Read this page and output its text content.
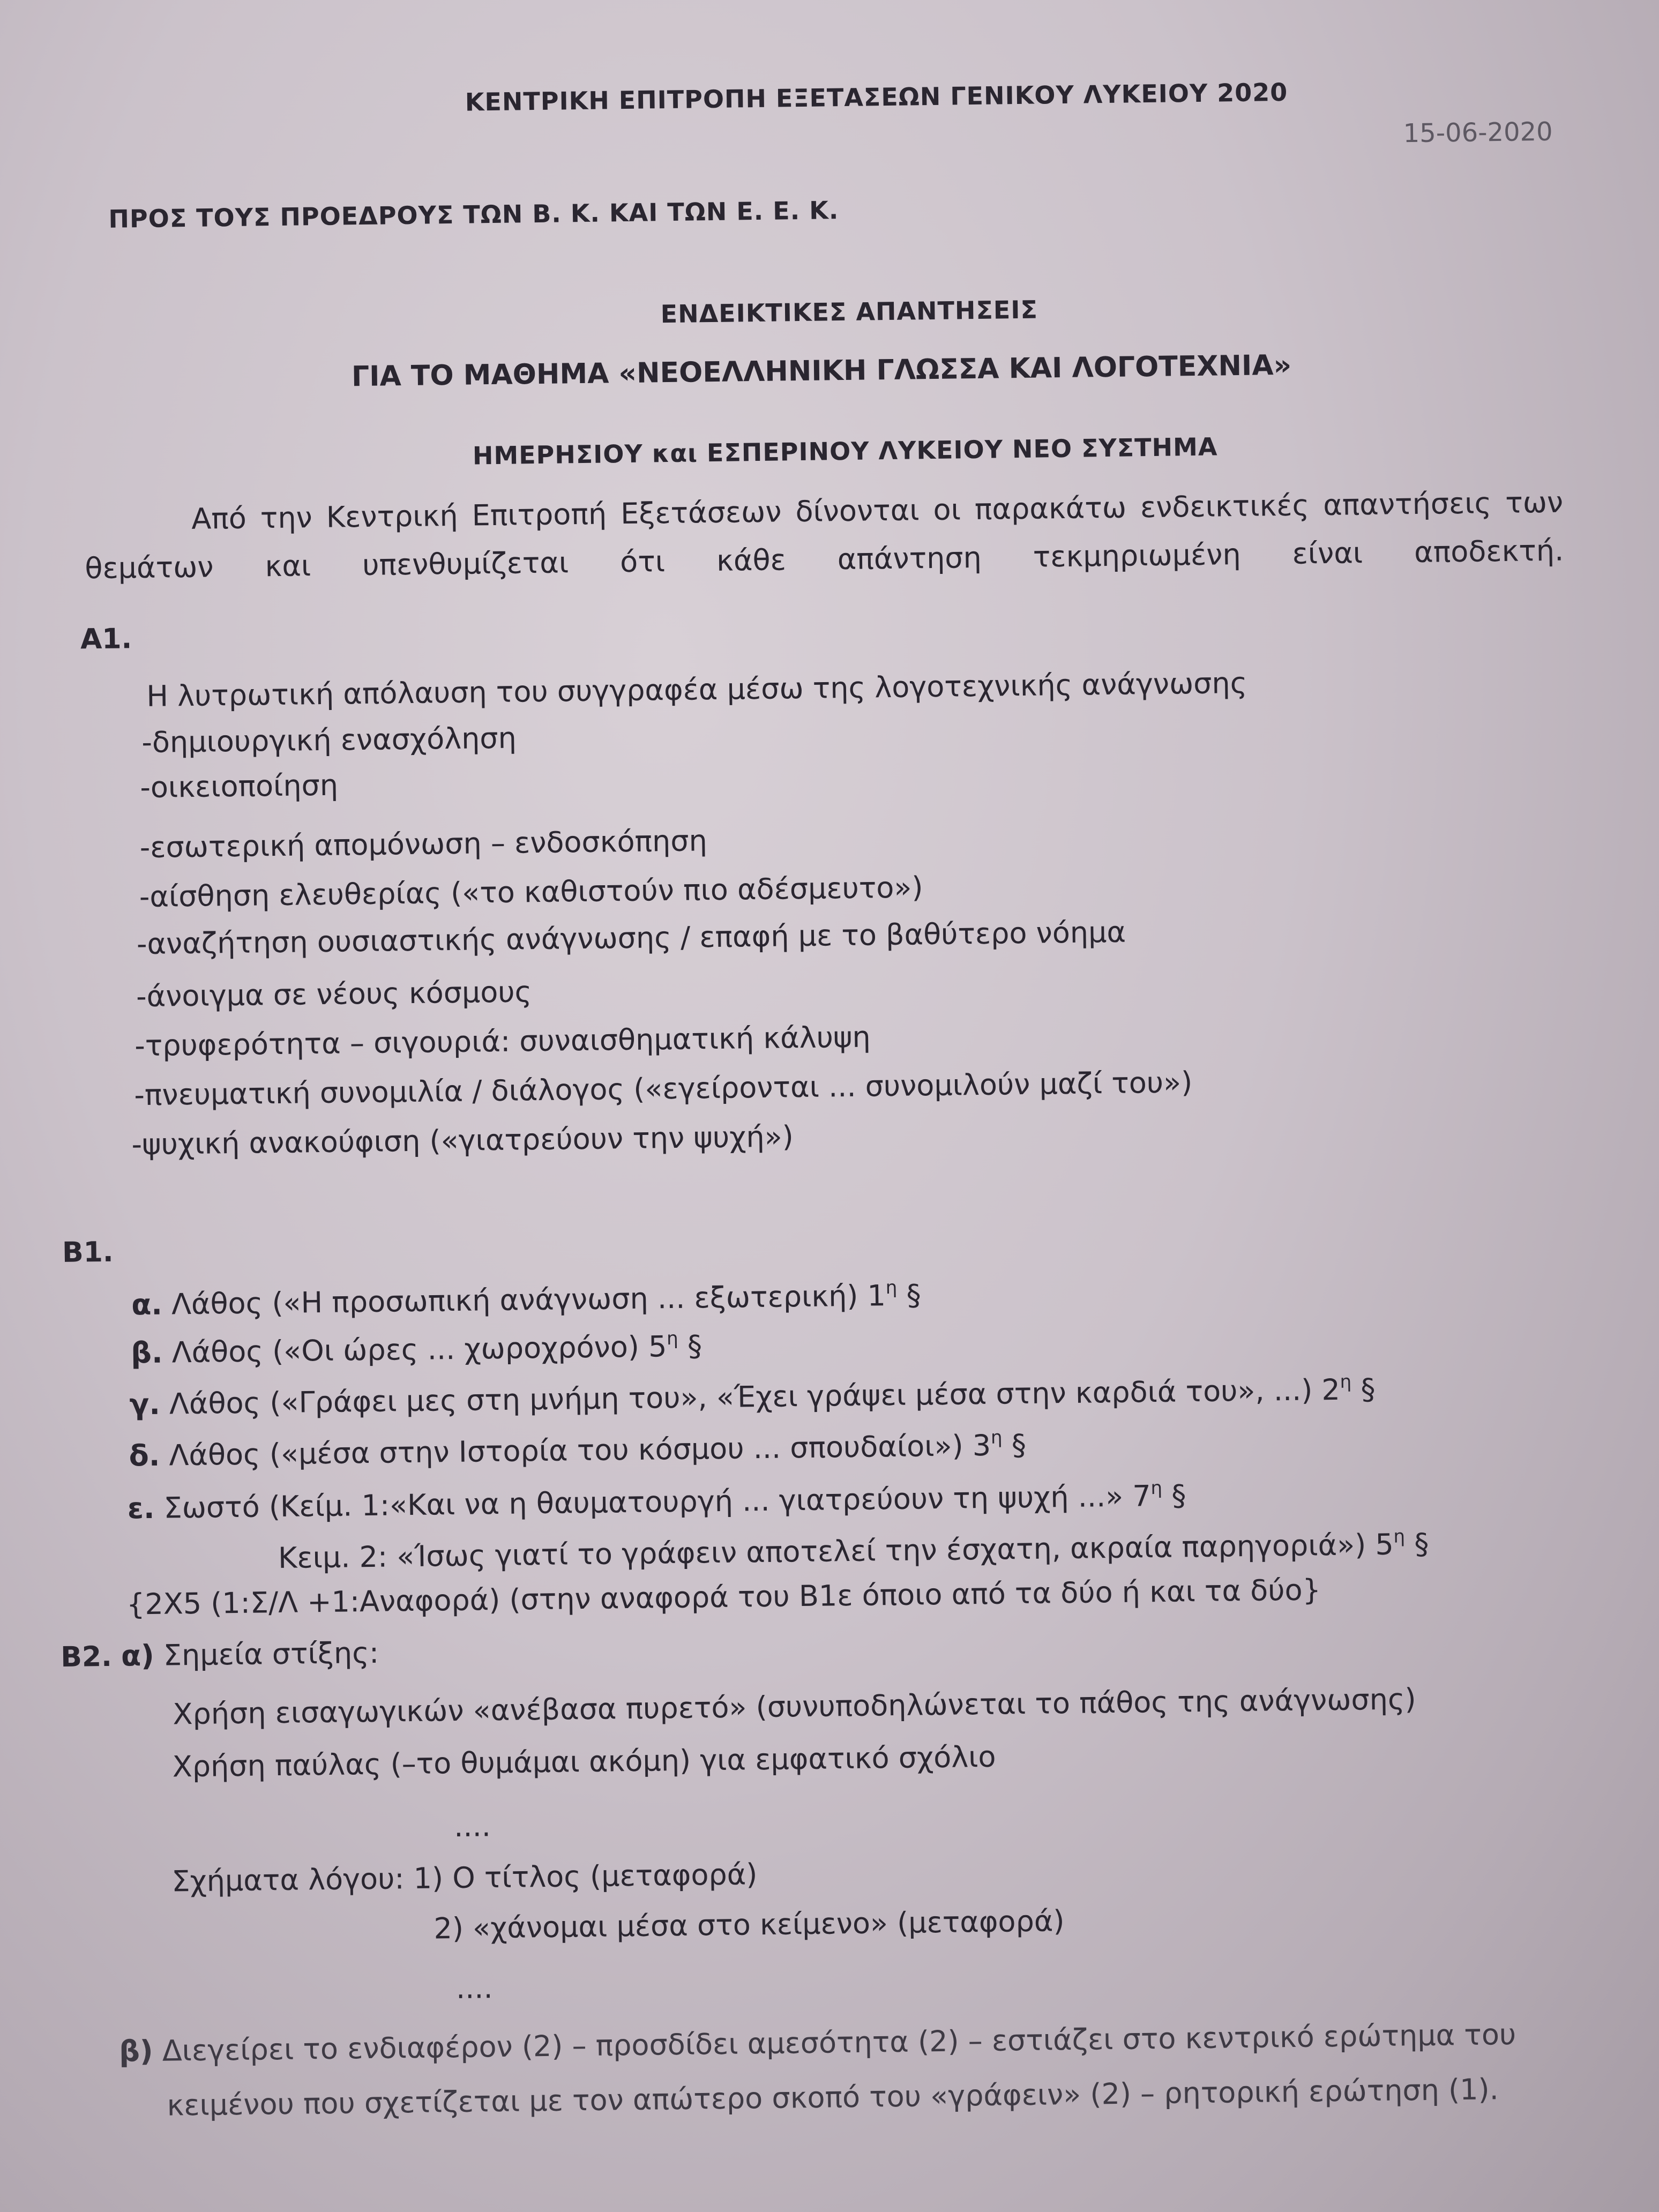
ΚΕΝΤΡΙΚΗ ΕΠΙΤΡΟΠΗ ΕΞΕΤΑΣΕΩΝ ΓΕΝΙΚΟΥ ΛΥΚΕΙΟΥ 2020
15-06-2020
ΠΡΟΣ ΤΟΥΣ ΠΡΟΕΔΡΟΥΣ ΤΩΝ Β. Κ. ΚΑΙ ΤΩΝ Ε. Ε. Κ.
ΕΝΔΕΙΚΤΙΚΕΣ ΑΠΑΝΤΗΣΕΙΣ
ΓΙΑ ΤΟ ΜΑΘΗΜΑ «ΝΕΟΕΛΛΗΝΙΚΗ ΓΛΩΣΣΑ ΚΑΙ ΛΟΓΟΤΕΧΝΙΑ»
ΗΜΕΡΗΣΙΟΥ και ΕΣΠΕΡΙΝΟΥ ΛΥΚΕΙΟΥ ΝΕΟ ΣΥΣΤΗΜΑ
Από την Κεντρική Επιτροπή Εξετάσεων δίνονται οι παρακάτω ενδεικτικές απαντήσεις των θεμάτων και υπενθυμίζεται ότι κάθε απάντηση τεκμηριωμένη είναι αποδεκτή.
Α1.
Η λυτρωτική απόλαυση του συγγραφέα μέσω της λογοτεχνικής ανάγνωσης
-δημιουργική ενασχόληση
-οικειοποίηση
-εσωτερική απομόνωση – ενδοσκόπηση
-αίσθηση ελευθερίας («το καθιστούν πιο αδέσμευτο»)
-αναζήτηση ουσιαστικής ανάγνωσης / επαφή με το βαθύτερο νόημα
-άνοιγμα σε νέους κόσμους
-τρυφερότητα – σιγουριά: συναισθηματική κάλυψη
-πνευματική συνομιλία / διάλογος («εγείρονται ... συνομιλούν μαζί του»)
-ψυχική ανακούφιση («γιατρεύουν την ψυχή»)
Β1.
α. Λάθος («Η προσωπική ανάγνωση ... εξωτερική) $1^\eta$ §
β. Λάθος («Οι ώρες ... χωροχρόνο) $5^\eta$ §
γ. Λάθος («Γράφει μες στη μνήμη του», «Έχει γράψει μέσα στην καρδιά του», ...) $2^\eta$ §
δ. Λάθος («μέσα στην Ιστορία του κόσμου ... σπουδαίοι») $3^\eta$ §
ε. Σωστό (Κείμ. 1:«Και να η θαυματουργή ... γιατρεύουν τη ψυχή ...» $7^\eta$ §
Κειμ. 2: «Ίσως γιατί το γράφειν αποτελεί την έσχατη, ακραία παρηγοριά») $5^\eta$ §
{2Χ5 (1:Σ/Λ +1:Αναφορά) (στην αναφορά του Β1ε όποιο από τα δύο ή και τα δύο}
Β2. α) Σημεία στίξης:
Χρήση εισαγωγικών «ανέβασα πυρετό» (συνυποδηλώνεται το πάθος της ανάγνωσης)
Χρήση παύλας (–το θυμάμαι ακόμη) για εμφατικό σχόλιο
....
Σχήματα λόγου: 1) Ο τίτλος (μεταφορά)
2) «χάνομαι μέσα στο κείμενο» (μεταφορά)
....
β) Διεγείρει το ενδιαφέρον (2) – προσδίδει αμεσότητα (2) – εστιάζει στο κεντρικό ερώτημα του
κειμένου που σχετίζεται με τον απώτερο σκοπό του «γράφειν» (2) – ρητορική ερώτηση (1).
